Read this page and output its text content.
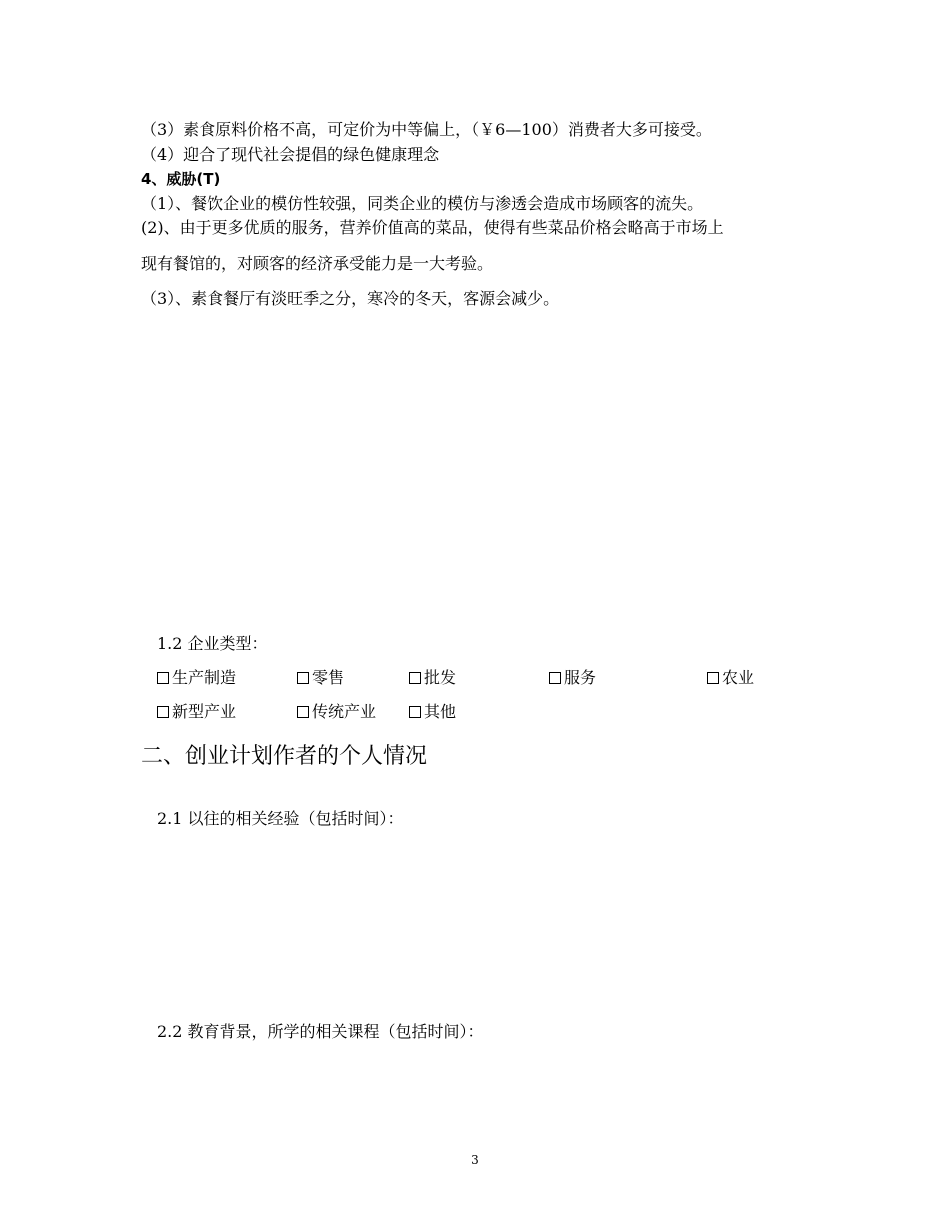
（3）素食原料价格不高，可定价为中等偏上，（￥6—100）消费者大多可接受。
（4）迎合了现代社会提倡的绿色健康理念
4、威胁(T)
（1）、餐饮企业的模仿性较强，同类企业的模仿与渗透会造成市场顾客的流失。
(2)、由于更多优质的服务，营养价值高的菜品，使得有些菜品价格会略高于市场上
现有餐馆的，对顾客的经济承受能力是一大考验。
（3）、素食餐厅有淡旺季之分，寒冷的冬天，客源会减少。
1.2 企业类型：
生产制造	零售	批发	服务	农业
新型产业	传统产业	其他
二、创业计划作者的个人情况
2.1 以往的相关经验（包括时间）：
2.2 教育背景，所学的相关课程（包括时间）：
3
